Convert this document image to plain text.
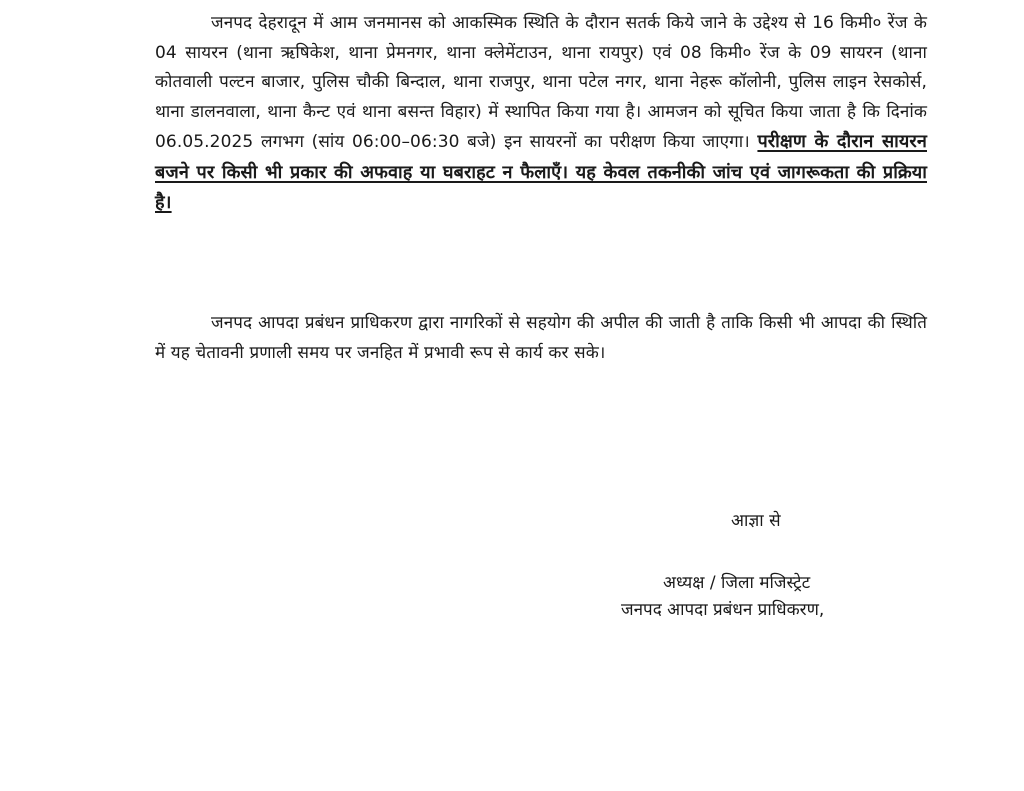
जनपद देहरादून में आम जनमानस को आकस्मिक स्थिति के दौरान सतर्क किये जाने के उद्देश्य से 16 किमी० रेंज के 04 सायरन (थाना ऋषिकेश, थाना प्रेमनगर, थाना क्लेमेंटाउन, थाना रायपुर) एवं 08 किमी० रेंज के 09 सायरन (थाना कोतवाली पल्टन बाजार, पुलिस चौकी बिन्दाल, थाना राजपुर, थाना पटेल नगर, थाना नेहरू कॉलोनी, पुलिस लाइन रेसकोर्स, थाना डालनवाला, थाना कैन्ट एवं थाना बसन्त विहार) में स्थापित किया गया है। आमजन को सूचित किया जाता है कि दिनांक 06.05.2025 लगभग (सांय 06:00–06:30 बजे) इन सायरनों का परीक्षण किया जाएगा। परीक्षण के दौरान सायरन बजने पर किसी भी प्रकार की अफवाह या घबराहट न फैलाएँ। यह केवल तकनीकी जांच एवं जागरूकता की प्रक्रिया है।

जनपद आपदा प्रबंधन प्राधिकरण द्वारा नागरिकों से सहयोग की अपील की जाती है ताकि किसी भी आपदा की स्थिति में यह चेतावनी प्रणाली समय पर जनहित में प्रभावी रूप से कार्य कर सके।

आज्ञा से

अध्यक्ष / जिला मजिस्ट्रेट

जनपद आपदा प्रबंधन प्राधिकरण,
